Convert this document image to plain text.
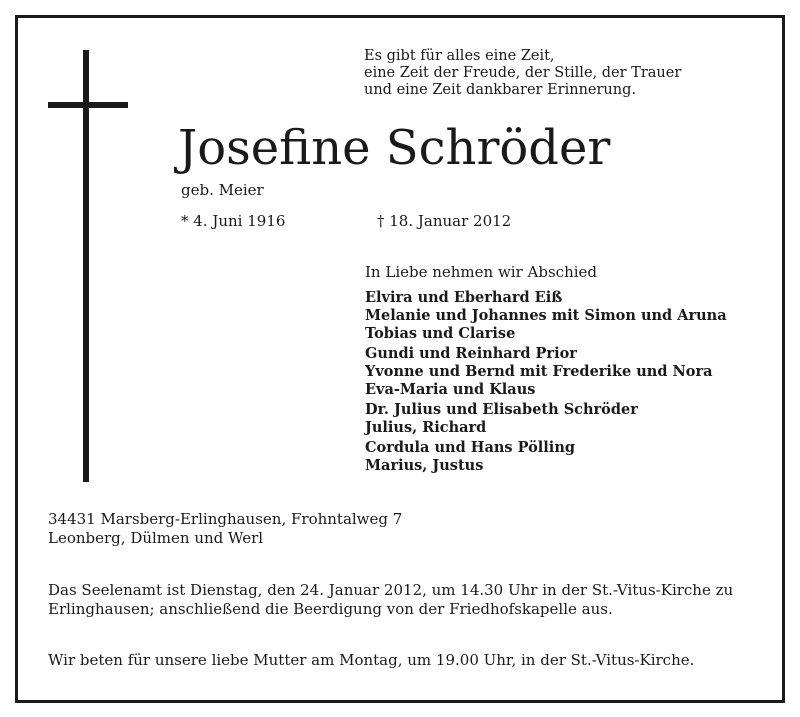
Es gibt für alles eine Zeit,
eine Zeit der Freude, der Stille, der Trauer
und eine Zeit dankbarer Erinnerung.
Josefine Schröder
geb. Meier
* 4. Juni 1916	† 18. Januar 2012
In Liebe nehmen wir Abschied
Elvira und Eberhard Eiß
Melanie und Johannes mit Simon und Aruna
Tobias und Clarise
Gundi und Reinhard Prior
Yvonne und Bernd mit Frederike und Nora
Eva-Maria und Klaus
Dr. Julius und Elisabeth Schröder
Julius, Richard
Cordula und Hans Pölling
Marius, Justus
34431 Marsberg-Erlinghausen, Frohntalweg 7
Leonberg, Dülmen und Werl
Das Seelenamt ist Dienstag, den 24. Januar 2012, um 14.30 Uhr in der St.-Vitus-Kirche zu
Erlinghausen; anschließend die Beerdigung von der Friedhofskapelle aus.
Wir beten für unsere liebe Mutter am Montag, um 19.00 Uhr, in der St.-Vitus-Kirche.
